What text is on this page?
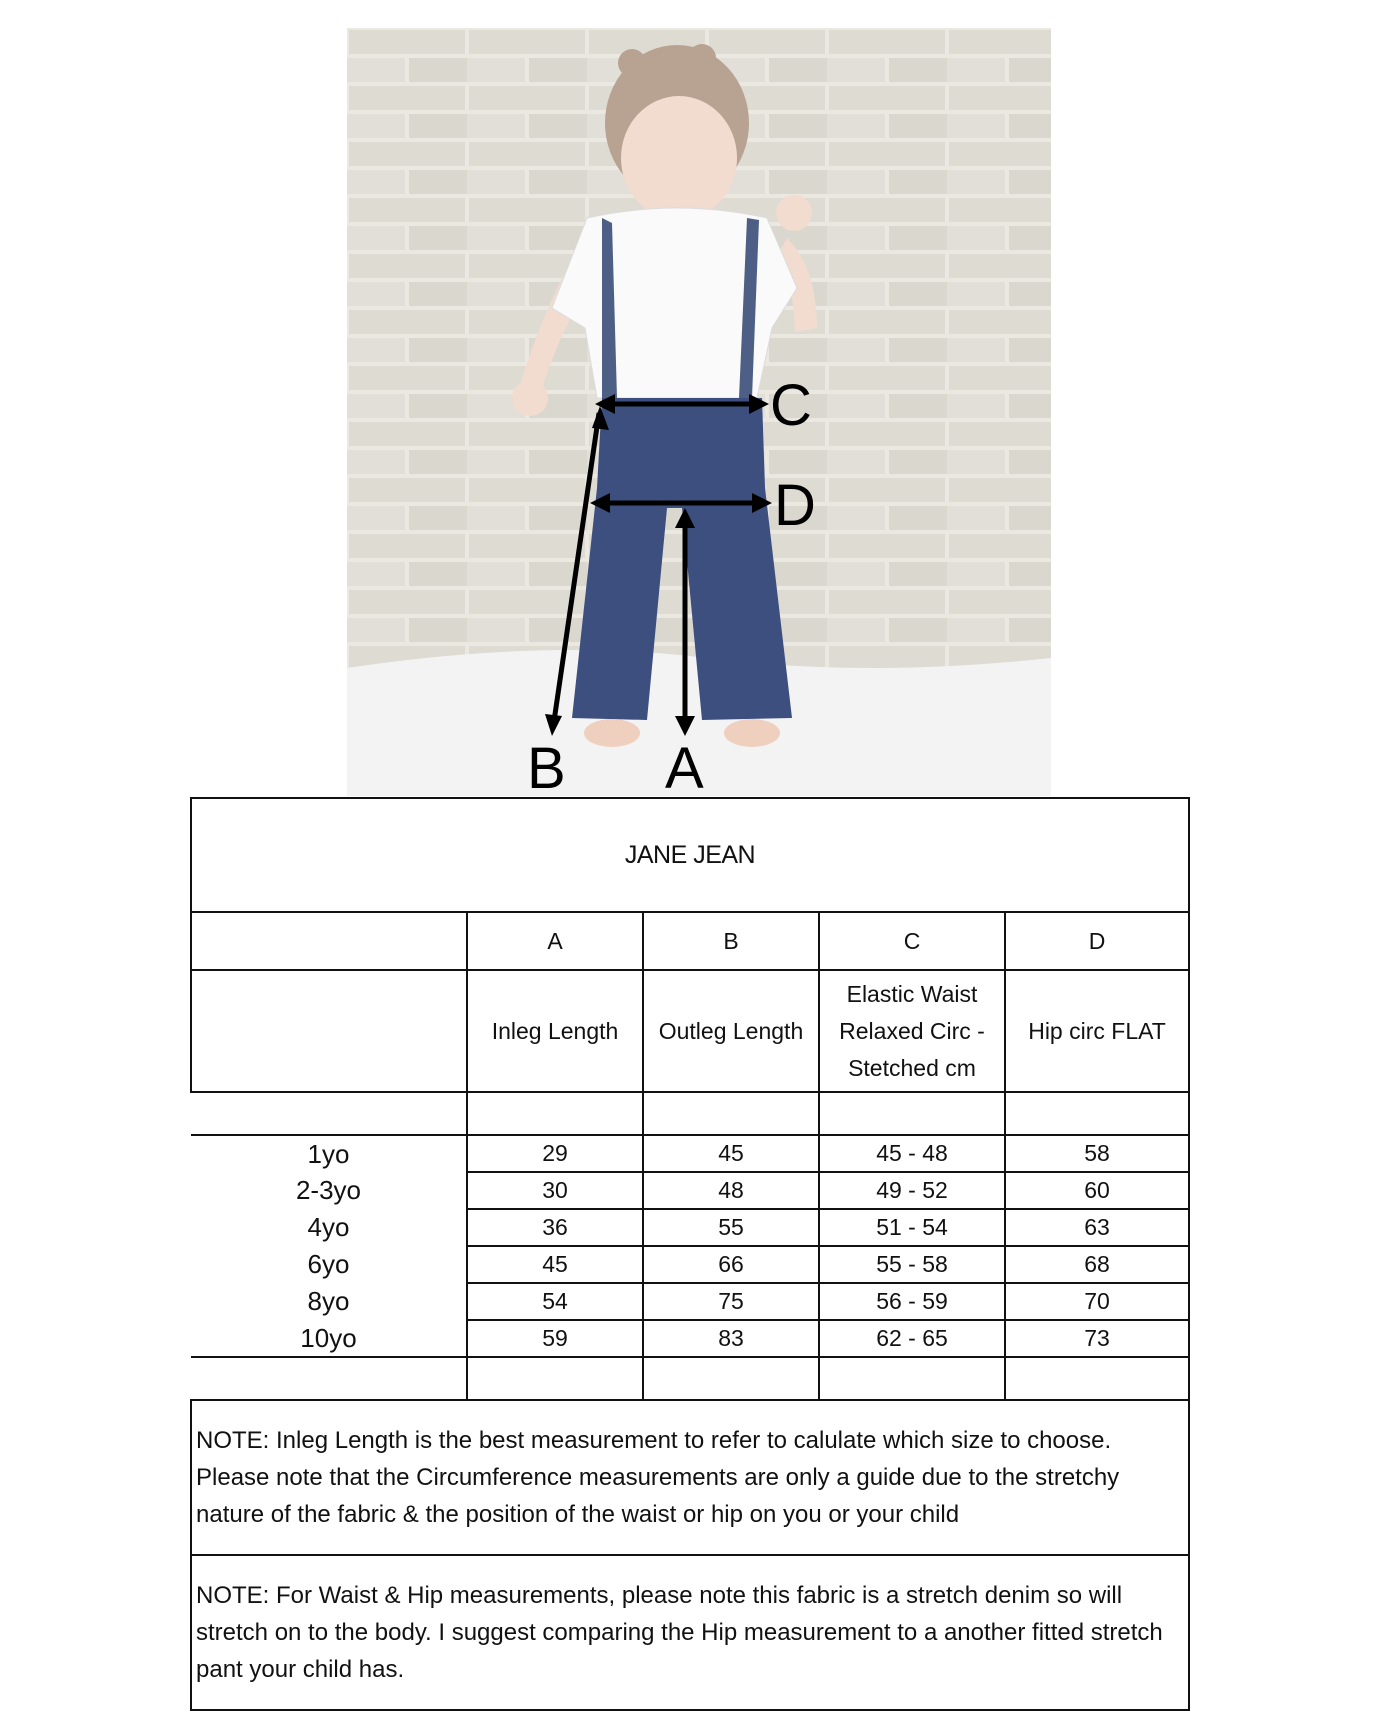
C
D
B A
JANE JEAN				
	A	B	C	D
	Inleg Length	Outleg Length	Elastic Waist Relaxed Circ - Stetched cm	Hip circ FLAT

1yo	29	45	45 - 48	58
2-3yo	30	48	49 - 52	60
4yo	36	55	51 - 54	63
6yo	45	66	55 - 58	68
8yo	54	75	56 - 59	70
10yo	59	83	62 - 65	73

NOTE: Inleg Length is the best measurement to refer to calulate which size to choose. Please note that the Circumference measurements are only a guide due to the stretchy nature of the fabric & the position of the waist or hip on you or your child				
NOTE: For Waist & Hip measurements, please note this fabric is a stretch denim so will stretch on to the body. I suggest comparing the Hip measurement to a another fitted stretch pant your child has.				
